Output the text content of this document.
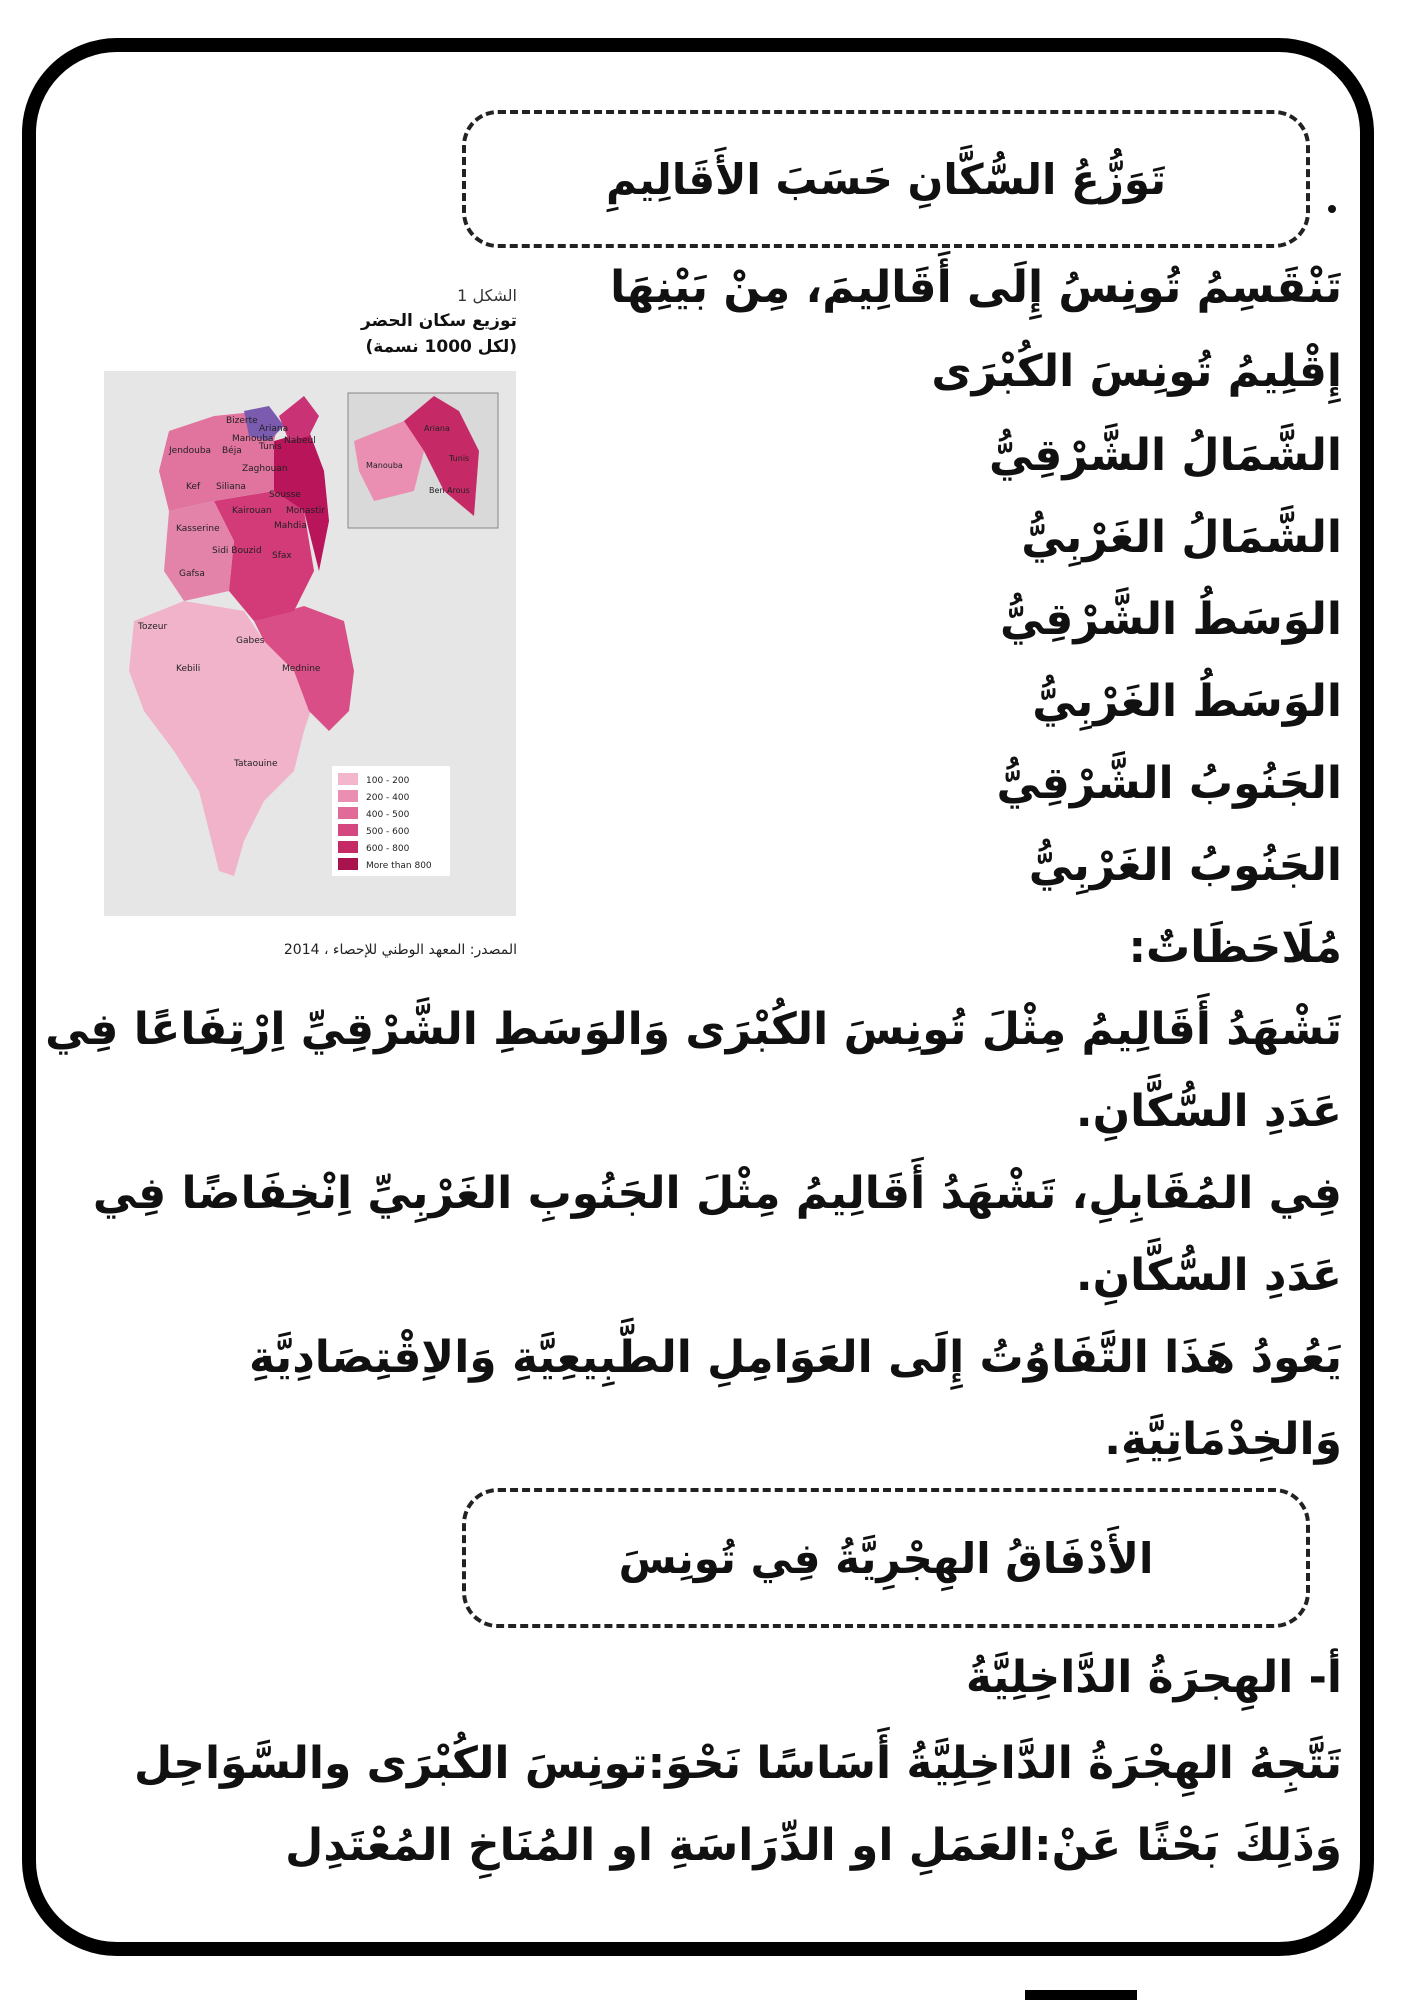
تَوَزُّعُ السُّكَّانِ حَسَبَ الأَقَالِيمِ
تَنْقَسِمُ تُونِسُ إِلَى أَقَالِيمَ، مِنْ بَيْنِهَا
إِقْلِيمُ تُونِسَ الكُبْرَى
الشَّمَالُ الشَّرْقِيُّ
الشَّمَالُ الغَرْبِيُّ
الوَسَطُ الشَّرْقِيُّ
الوَسَطُ الغَرْبِيُّ
الجَنُوبُ الشَّرْقِيُّ
الجَنُوبُ الغَرْبِيُّ
مُلَاحَظَاتٌ:
تَشْهَدُ أَقَالِيمُ مِثْلَ تُونِسَ الكُبْرَى وَالوَسَطِ الشَّرْقِيِّ اِرْتِفَاعًا فِي
عَدَدِ السُّكَّانِ.
فِي المُقَابِلِ، تَشْهَدُ أَقَالِيمُ مِثْلَ الجَنُوبِ الغَرْبِيِّ اِنْخِفَاضًا فِي
عَدَدِ السُّكَّانِ.
يَعُودُ هَذَا التَّفَاوُتُ إِلَى العَوَامِلِ الطَّبِيعِيَّةِ وَالاِقْتِصَادِيَّةِ
وَالخِدْمَاتِيَّةِ.
الأَدْفَاقُ الهِجْرِيَّةُ فِي تُونِسَ
أ- الهِجرَةُ الدَّاخِلِيَّةُ
تَتَّجِهُ الهِجْرَةُ الدَّاخِلِيَّةُ أَسَاسًا نَحْوَ:تونِسَ الكُبْرَى والسَّوَاحِل
وَذَلِكَ بَحْثًا عَنْ:العَمَلِ او الدِّرَاسَةِ او المُنَاخِ المُعْتَدِل
الشكل 1
توزيع سكان الحضر
(لكل 1000 نسمة)
Bizerte
Ariana
Manouba
Tunis
Nabeul
Jendouba Béja
Zaghouan
Kef Siliana
Sousse
Kairouan Monastir
Kasserine	Mahdia
Sidi Bouzid Sfax
Gafsa
Tozeur
Gabes
Kebili	Mednine
Tataouine
Ariana
Manouba
Tunis
Ben Arous
100 - 200
200 - 400
400 - 500
500 - 600
600 - 800
More than 800
المصدر: المعهد الوطني للإحصاء ، 2014
